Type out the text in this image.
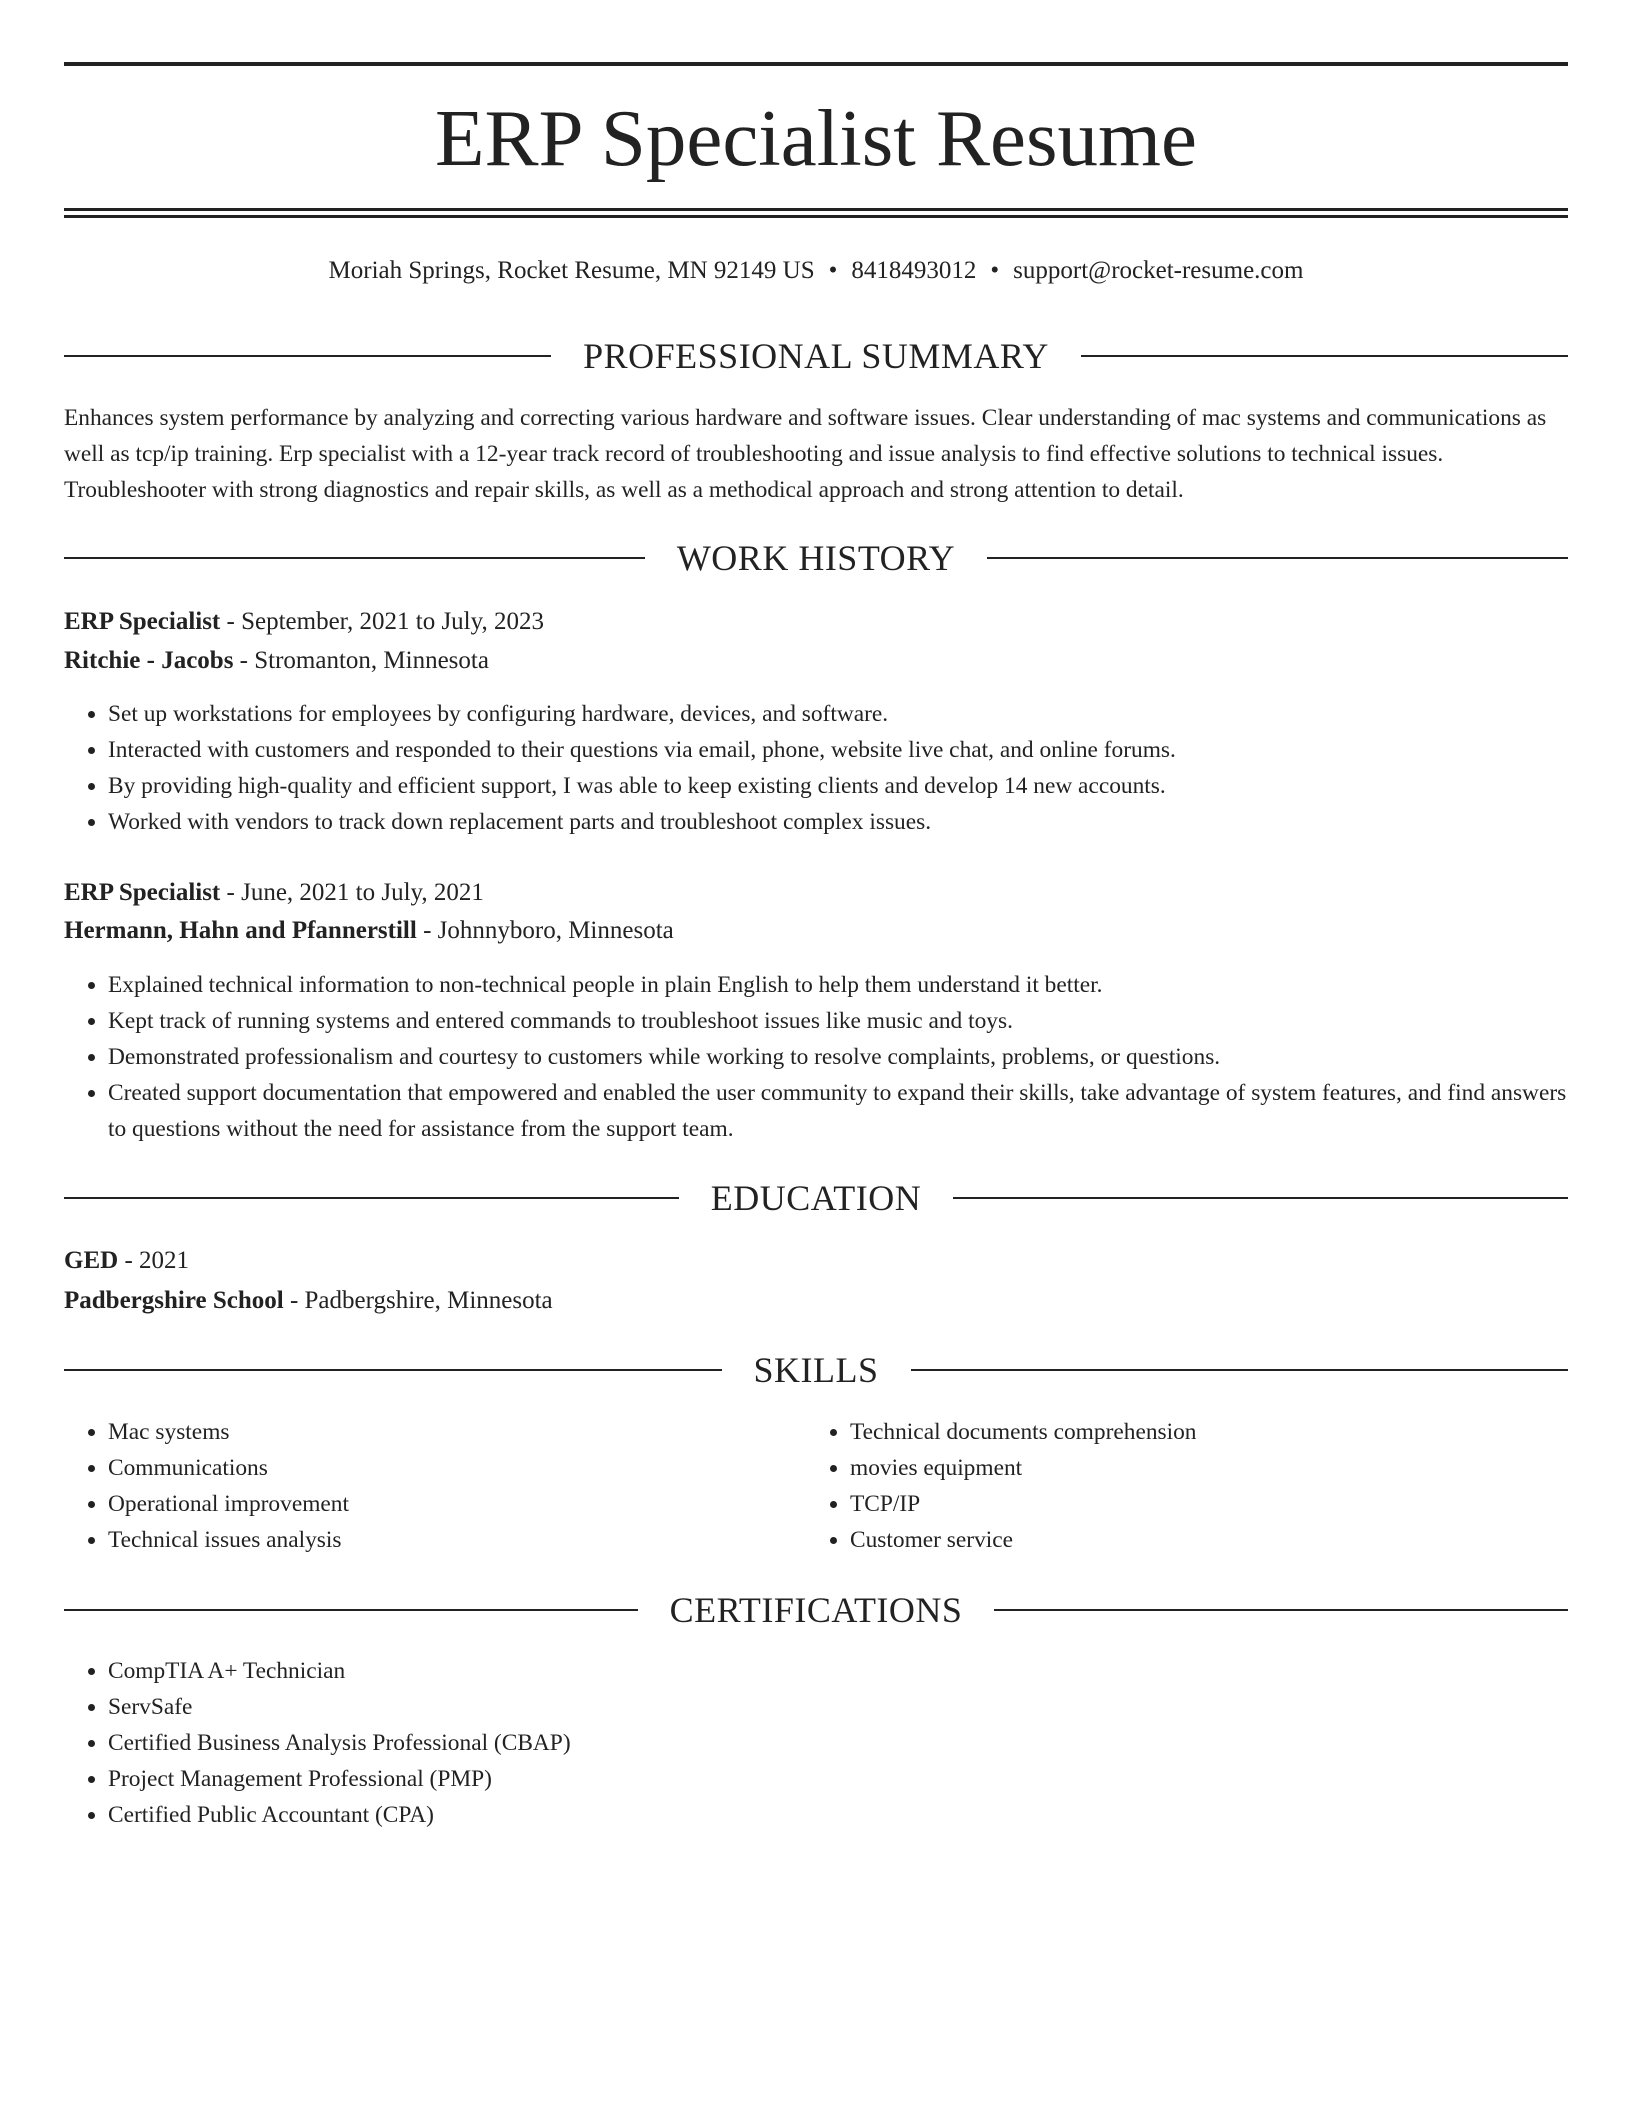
ERP Specialist Resume
Moriah Springs, Rocket Resume, MN 92149 US • 8418493012 • support@rocket-resume.com
PROFESSIONAL SUMMARY

Enhances system performance by analyzing and correcting various hardware and software issues. Clear understanding of mac systems and communications as well as tcp/ip training. Erp specialist with a 12-year track record of troubleshooting and issue analysis to find effective solutions to technical issues. Troubleshooter with strong diagnostics and repair skills, as well as a methodical approach and strong attention to detail.

WORK HISTORY
ERP Specialist - September, 2021 to July, 2023
Ritchie - Jacobs - Stromanton, Minnesota
• Set up workstations for employees by configuring hardware, devices, and software.
• Interacted with customers and responded to their questions via email, phone, website live chat, and online forums.
• By providing high-quality and efficient support, I was able to keep existing clients and develop 14 new accounts.
• Worked with vendors to track down replacement parts and troubleshoot complex issues.
ERP Specialist - June, 2021 to July, 2021
Hermann, Hahn and Pfannerstill - Johnnyboro, Minnesota
• Explained technical information to non-technical people in plain English to help them understand it better.
• Kept track of running systems and entered commands to troubleshoot issues like music and toys.
• Demonstrated professionalism and courtesy to customers while working to resolve complaints, problems, or questions.
• Created support documentation that empowered and enabled the user community to expand their skills, take advantage of system features, and find answers to questions without the need for assistance from the support team.
EDUCATION
GED - 2021
Padbergshire School - Padbergshire, Minnesota
SKILLS
• Mac systems
• Communications
• Operational improvement
• Technical issues analysis
• Technical documents comprehension
• movies equipment
• TCP/IP
• Customer service
CERTIFICATIONS
• CompTIA A+ Technician
• ServSafe
• Certified Business Analysis Professional (CBAP)
• Project Management Professional (PMP)
• Certified Public Accountant (CPA)
